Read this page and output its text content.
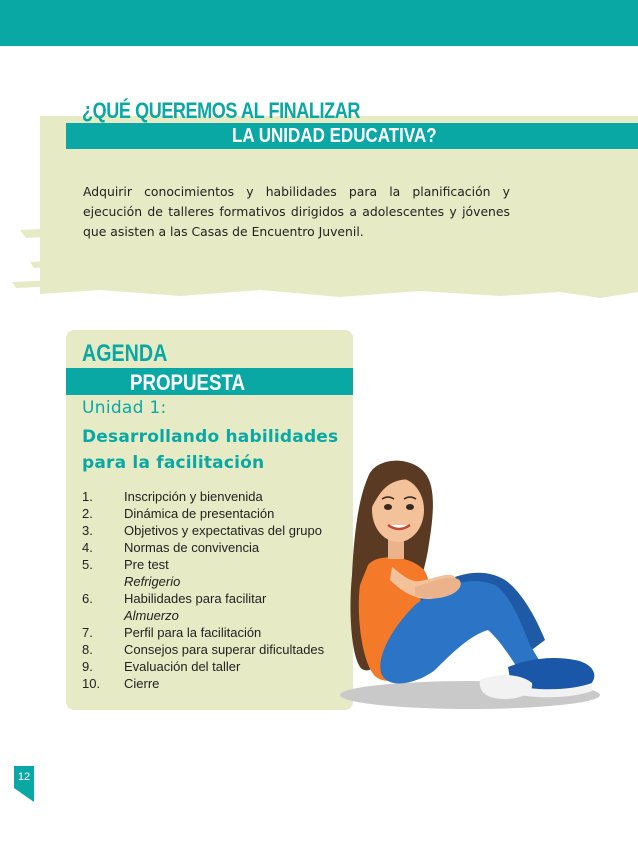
¿QUÉ QUEREMOS AL FINALIZAR
LA UNIDAD EDUCATIVA?
Adquirir conocimientos y habilidades para la planificación y ejecución de talleres formativos dirigidos a adolescentes y jóvenes que asisten a las Casas de Encuentro Juvenil.
AGENDA
PROPUESTA
Unidad 1:
Desarrollando habilidades
para la facilitación
1.	Inscripción y bienvenida
2.	Dinámica de presentación
3.	Objetivos y expectativas del grupo
4.	Normas de convivencia
5.	Pre test
Refrigerio
6.	Habilidades para facilitar
Almuerzo
7.	Perfil para la facilitación
8.	Consejos para superar dificultades
9.	Evaluación del taller
10.	Cierre
12
